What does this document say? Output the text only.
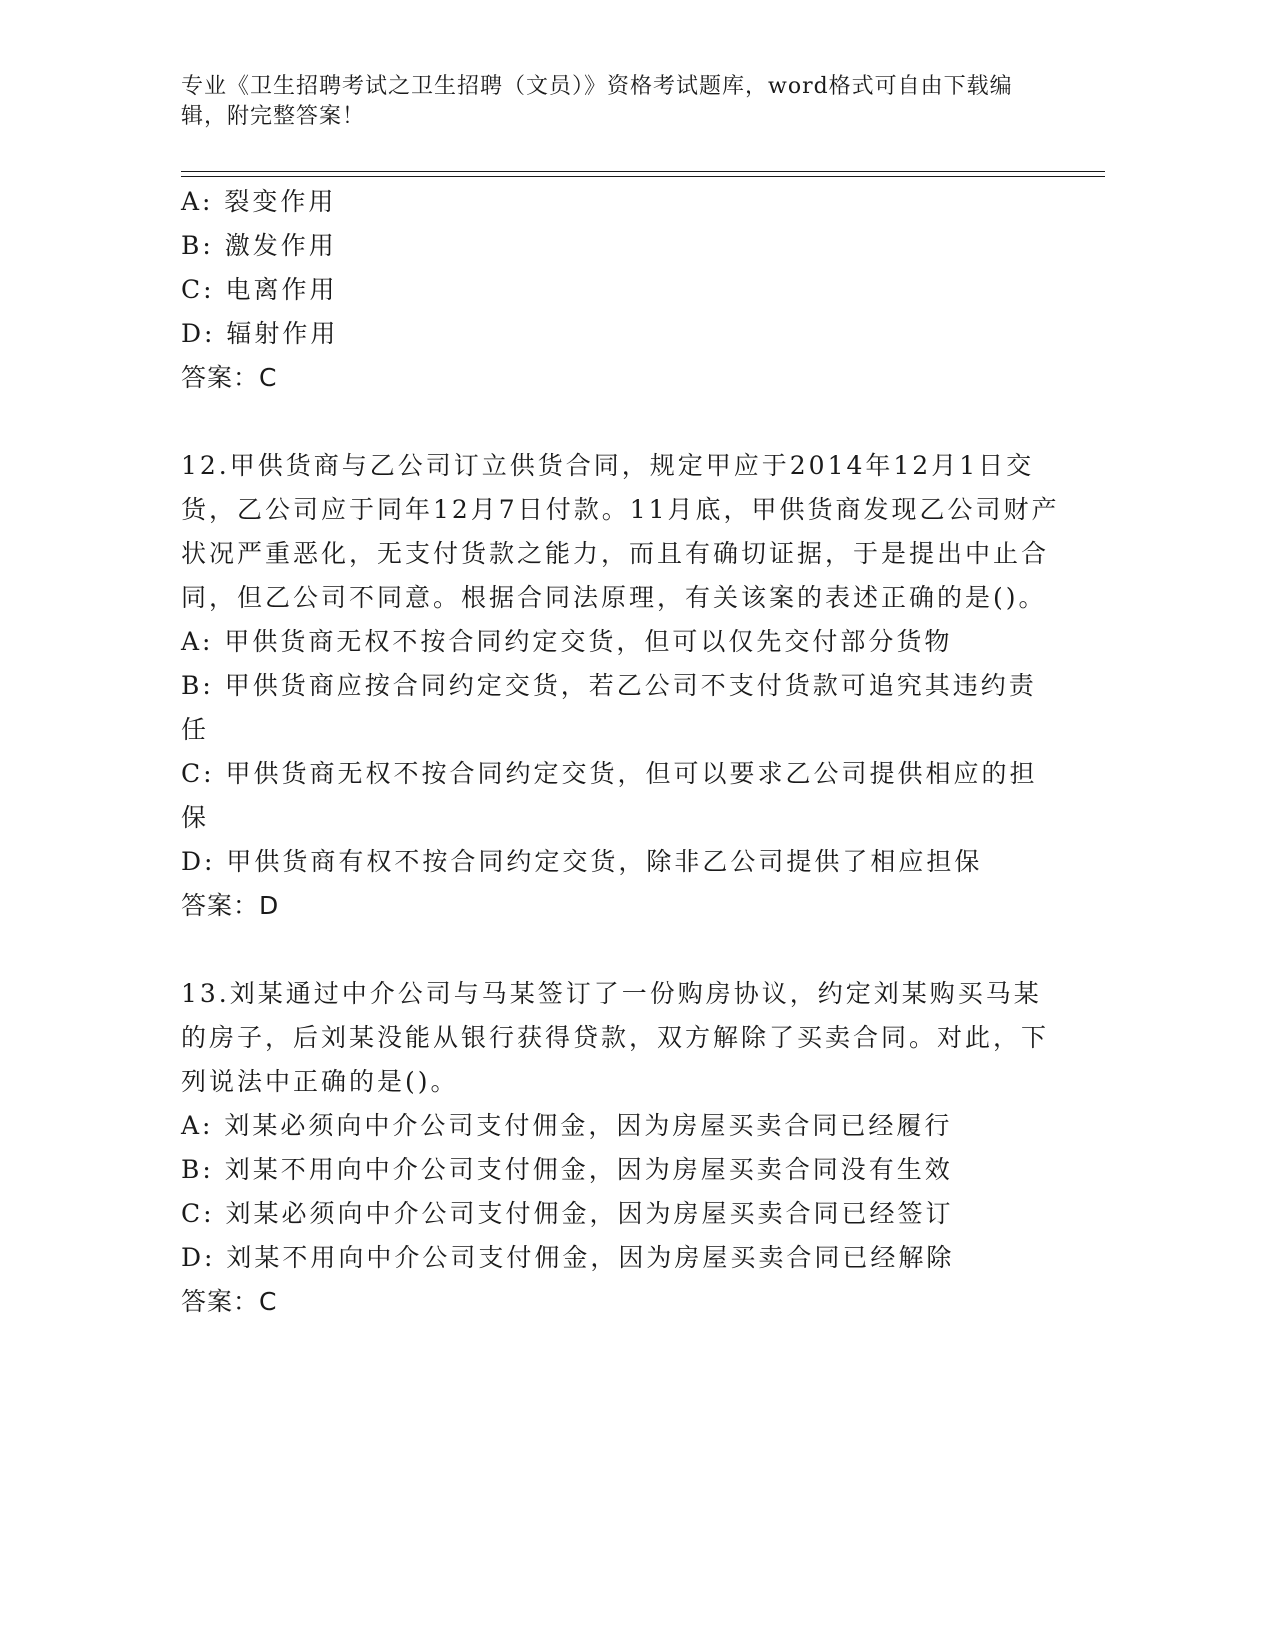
专业《卫生招聘考试之卫生招聘（文员）》资格考试题库，word格式可自由下载编辑，附完整答案！
A: 裂变作用
B: 激发作用
C: 电离作用
D: 辐射作用
答案：C
12.甲供货商与乙公司订立供货合同，规定甲应于2014年12月1日交货，乙公司应于同年12月7日付款。11月底，甲供货商发现乙公司财产状况严重恶化，无支付货款之能力，而且有确切证据，于是提出中止合同，但乙公司不同意。根据合同法原理，有关该案的表述正确的是()。
A: 甲供货商无权不按合同约定交货，但可以仅先交付部分货物
B: 甲供货商应按合同约定交货，若乙公司不支付货款可追究其违约责任
C: 甲供货商无权不按合同约定交货，但可以要求乙公司提供相应的担保
D: 甲供货商有权不按合同约定交货，除非乙公司提供了相应担保
答案：D
13.刘某通过中介公司与马某签订了一份购房协议，约定刘某购买马某的房子，后刘某没能从银行获得贷款，双方解除了买卖合同。对此，下列说法中正确的是()。
A: 刘某必须向中介公司支付佣金，因为房屋买卖合同已经履行
B: 刘某不用向中介公司支付佣金，因为房屋买卖合同没有生效
C: 刘某必须向中介公司支付佣金，因为房屋买卖合同已经签订
D: 刘某不用向中介公司支付佣金，因为房屋买卖合同已经解除
答案：C
